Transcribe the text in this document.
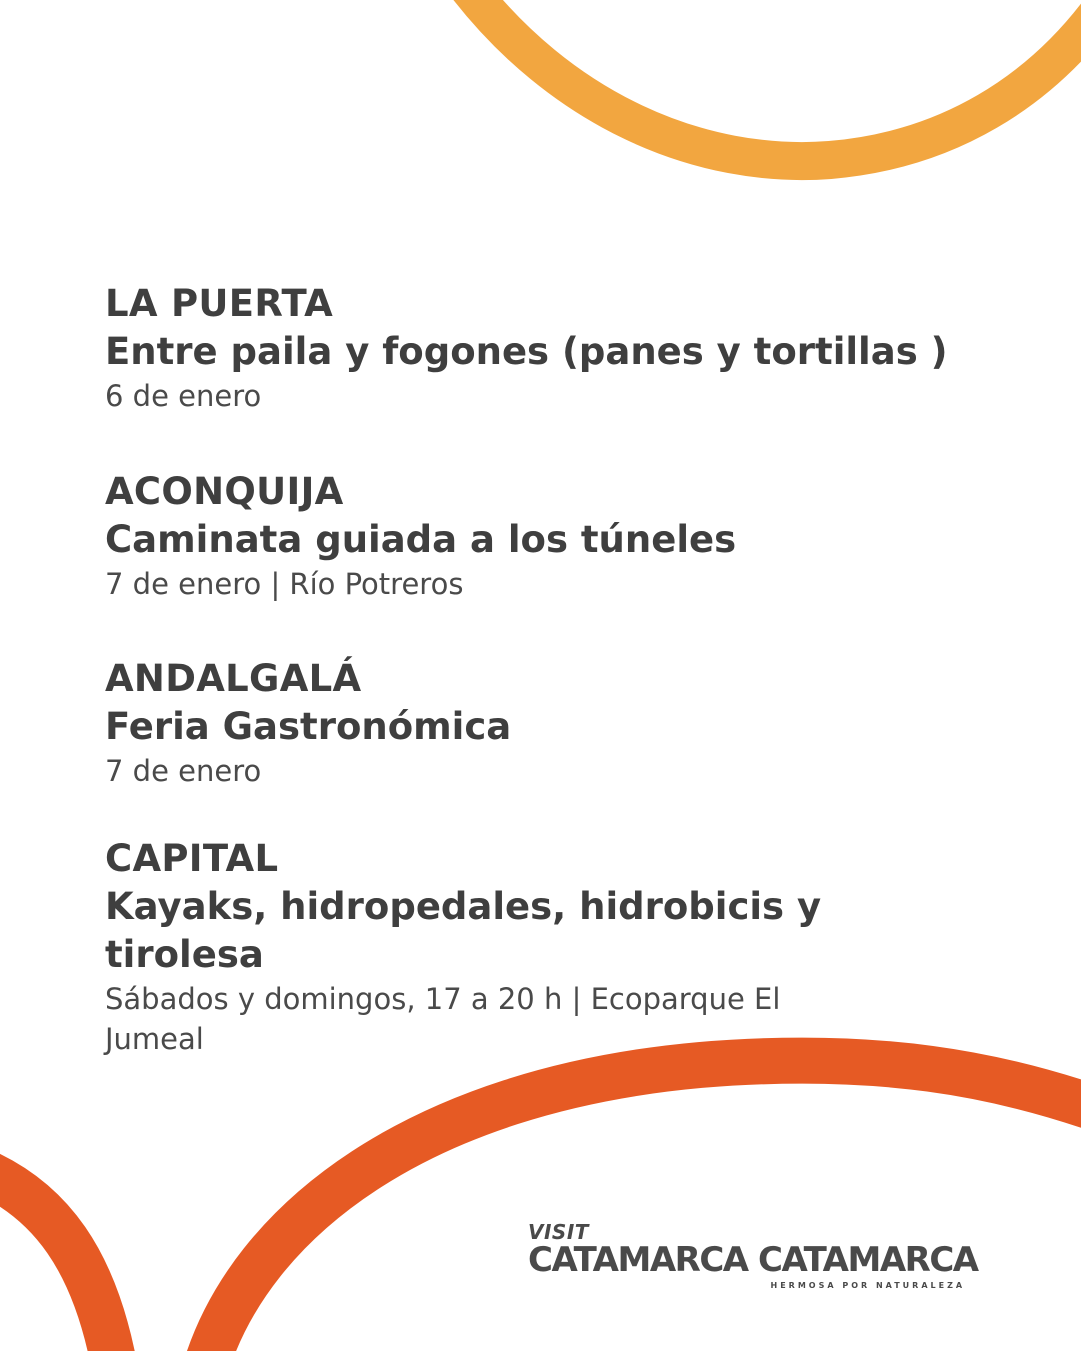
LA PUERTA

Entre paila y fogones (panes y tortillas )

6 de enero

ACONQUIJA

Caminata guiada a los túneles

7 de enero | Río Potreros

ANDALGALÁ

Feria Gastronómica

7 de enero

CAPITAL

Kayaks, hidropedales, hidrobicis y tirolesa

Sábados y domingos, 17 a 20 h | Ecoparque El Jumeal

VISIT
CATAMARCA CATAMARCA
HERMOSA POR NATURALEZA
